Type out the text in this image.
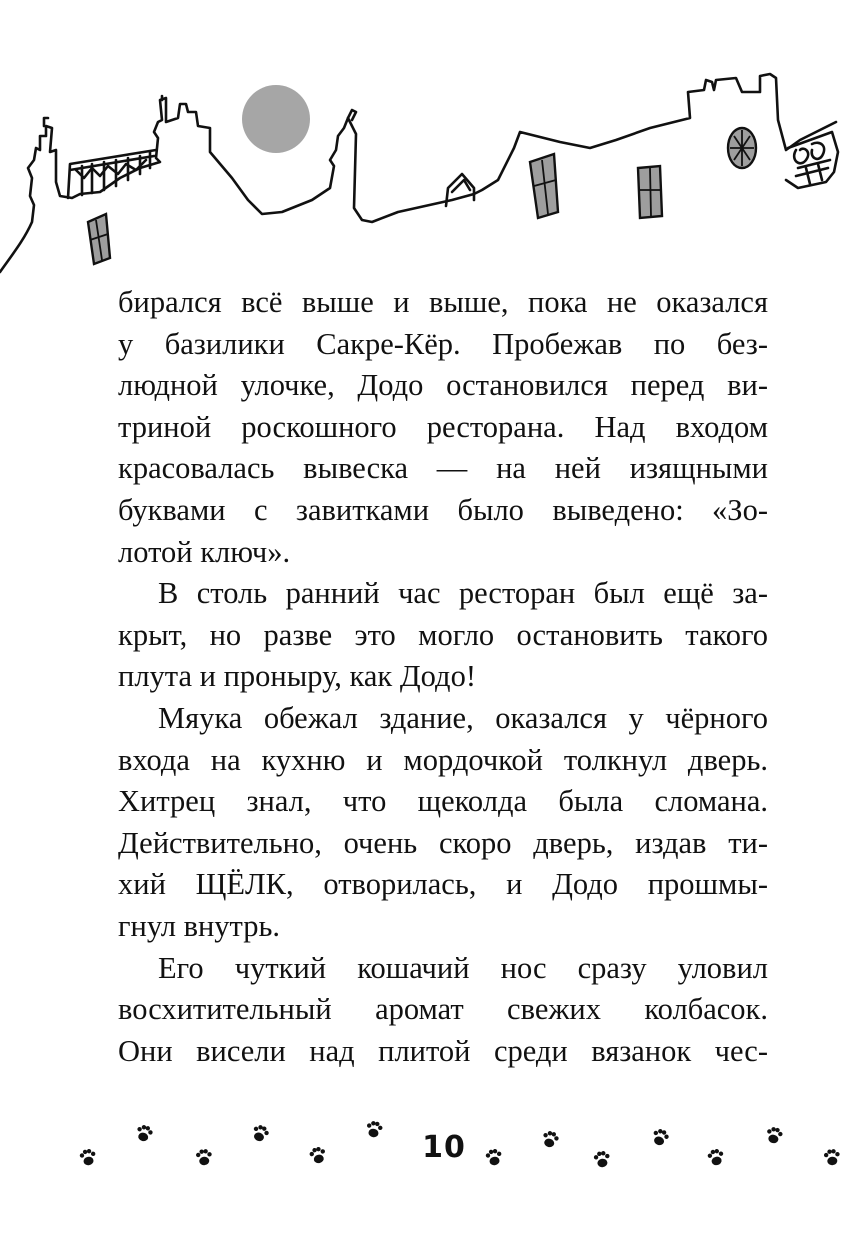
бирался всё выше и выше, пока не оказался
у базилики Сакре-Кёр. Пробежав по без-
людной улочке, Додо остановился перед ви-
триной роскошного ресторана. Над входом
красовалась вывеска — на ней изящными
буквами с завитками было выведено: «Зо-
лотой ключ».
В столь ранний час ресторан был ещё за-
крыт, но разве это могло остановить такого
плута и проныру, как Додо!
Мяука обежал здание, оказался у чёрного
входа на кухню и мордочкой толкнул дверь.
Хитрец знал, что щеколда была сломана.
Действительно, очень скоро дверь, издав ти-
хий ЩЁЛК, отворилась, и Додо прошмы-
гнул внутрь.
Его чуткий кошачий нос сразу уловил
восхитительный аромат свежих колбасок.
Они висели над плитой среди вязанок чес-
10
